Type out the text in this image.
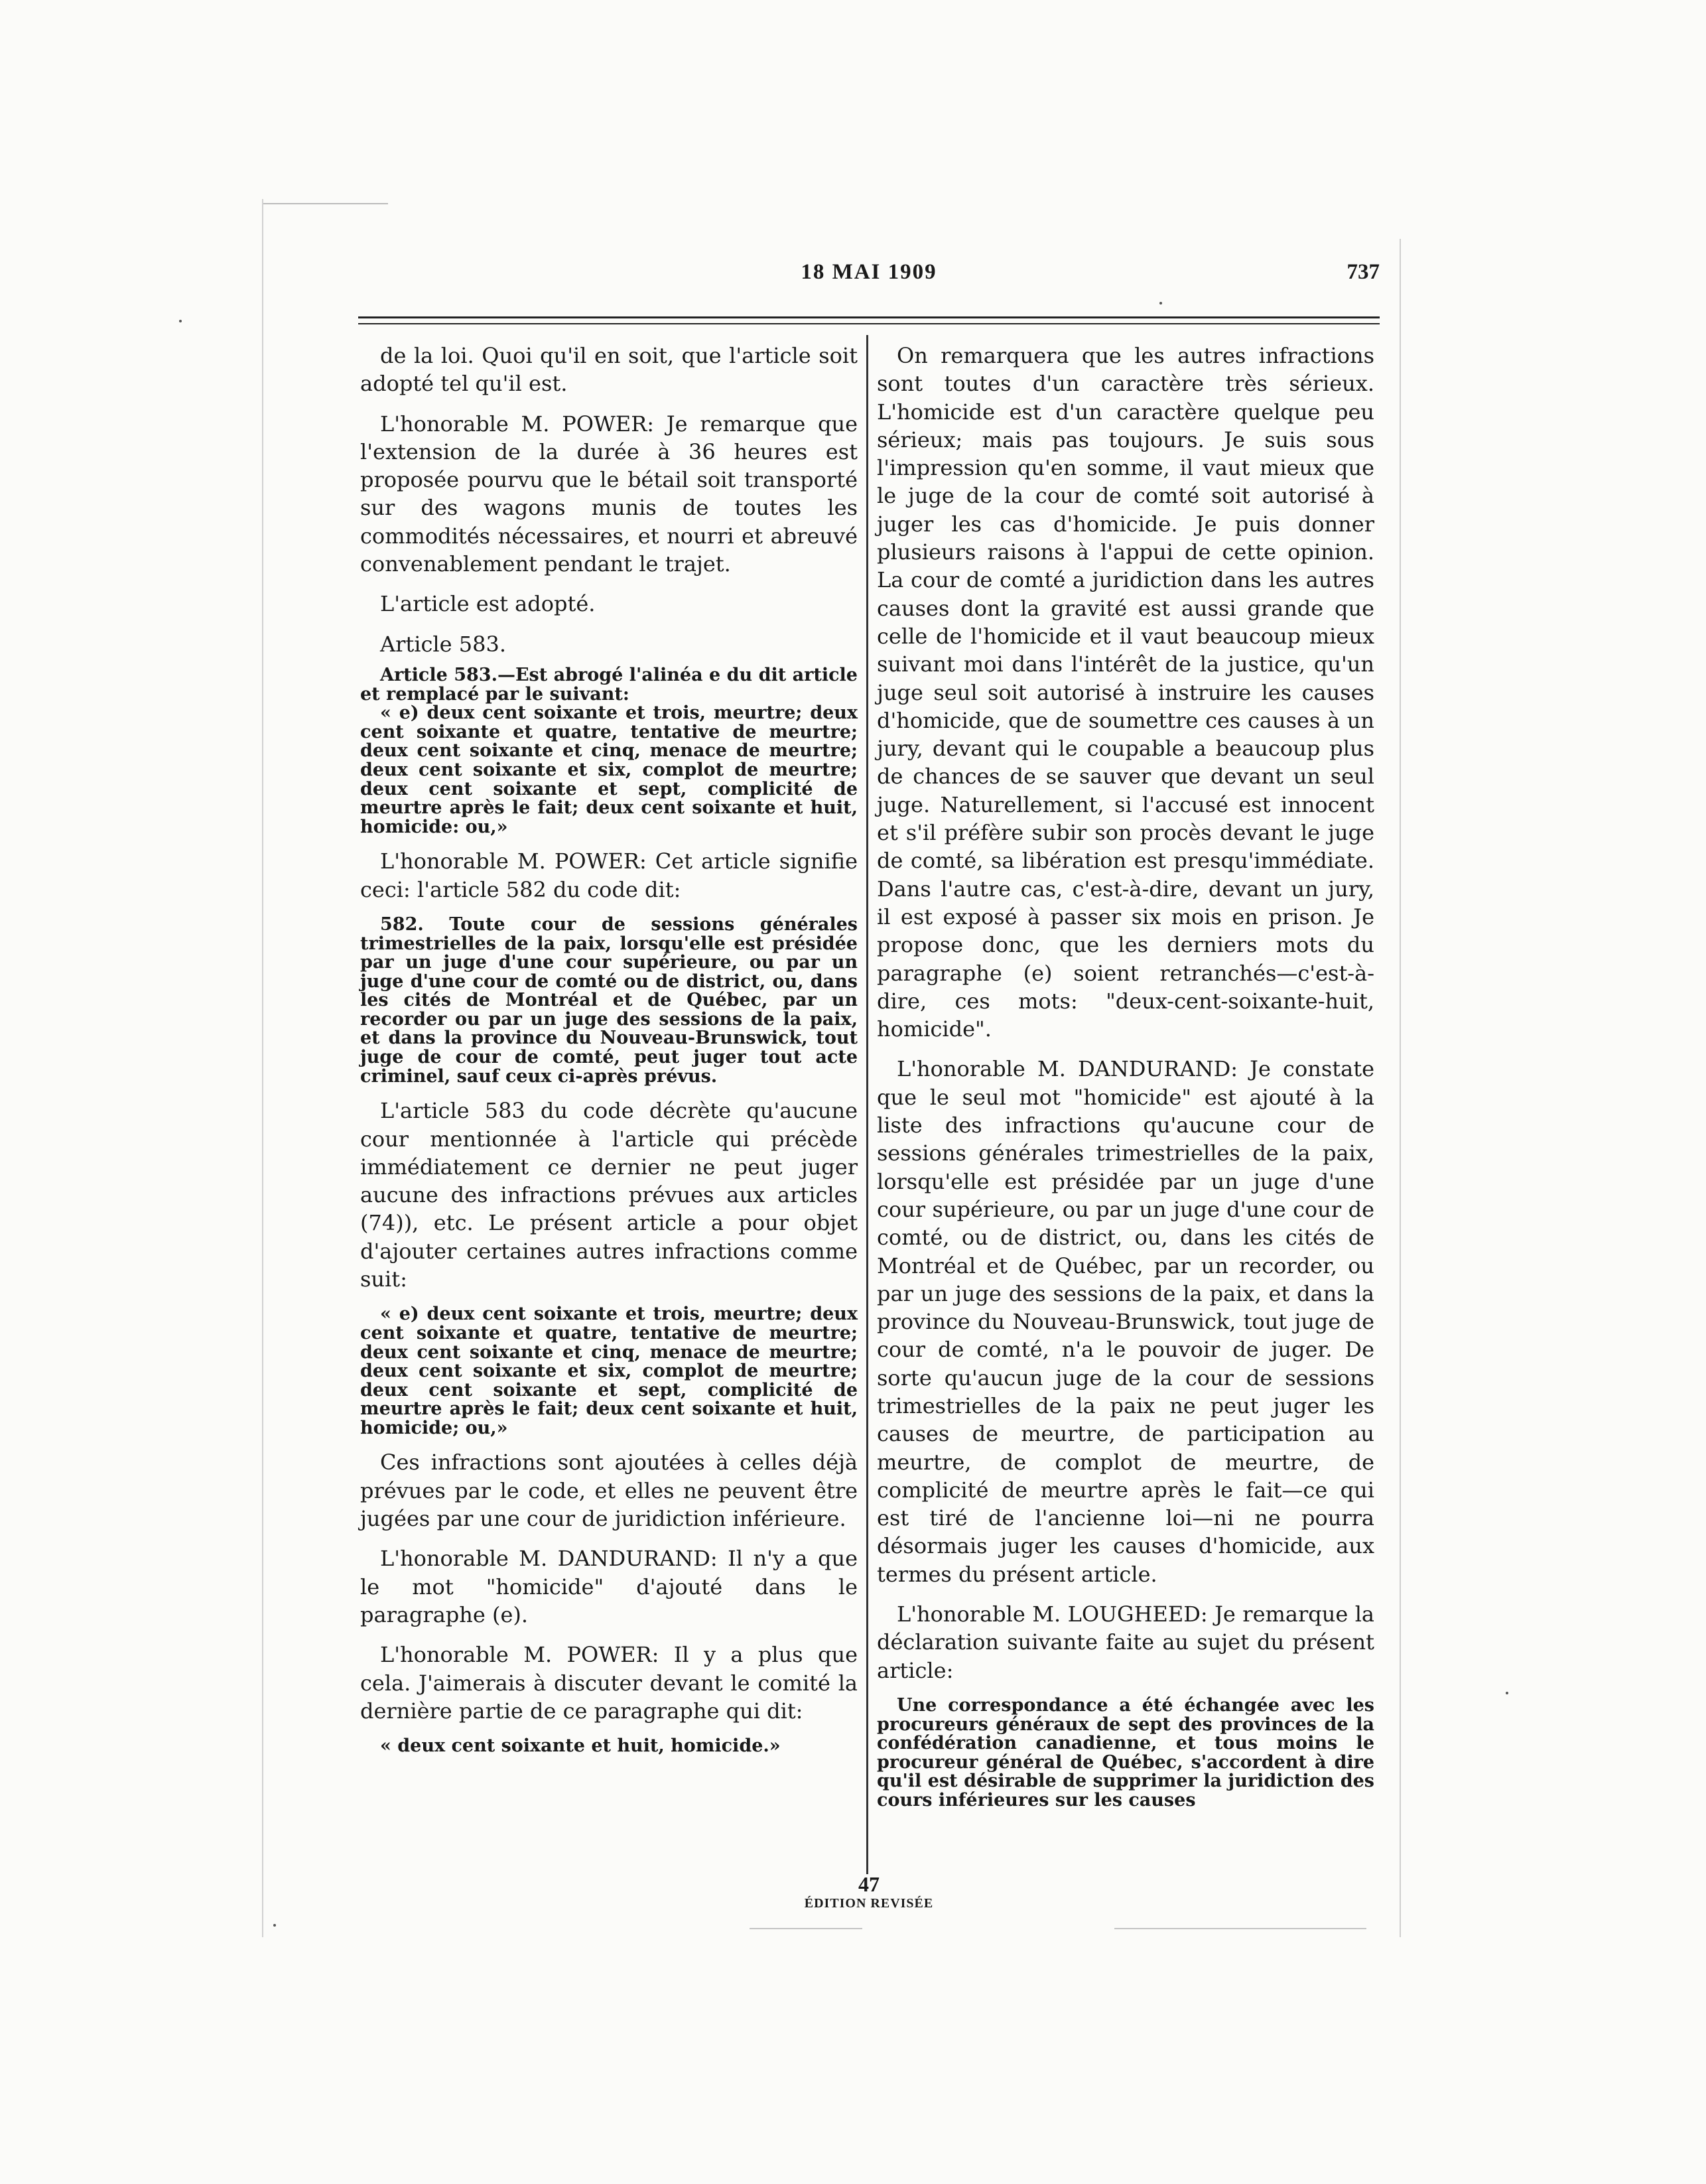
18 MAI 1909	737

de la loi. Quoi qu'il en soit, que l'article soit adopté tel qu'il est.

L'honorable M. POWER: Je remarque que l'extension de la durée à 36 heures est proposée pourvu que le bétail soit transporté sur des wagons munis de toutes les commodités nécessaires, et nourri et abreuvé convenablement pendant le trajet.

L'article est adopté.

Article 583.

Article 583.—Est abrogé l'alinéa e du dit article et remplacé par le suivant:

« e) deux cent soixante et trois, meurtre; deux cent soixante et quatre, tentative de meurtre; deux cent soixante et cinq, menace de meurtre; deux cent soixante et six, complot de meurtre; deux cent soixante et sept, complicité de meurtre après le fait; deux cent soixante et huit, homicide: ou,»

L'honorable M. POWER: Cet article signifie ceci: l'article 582 du code dit:

582. Toute cour de sessions générales trimestrielles de la paix, lorsqu'elle est présidée par un juge d'une cour supérieure, ou par un juge d'une cour de comté ou de district, ou, dans les cités de Montréal et de Québec, par un recorder ou par un juge des sessions de la paix, et dans la province du Nouveau-Brunswick, tout juge de cour de comté, peut juger tout acte criminel, sauf ceux ci-après prévus.

L'article 583 du code décrète qu'aucune cour mentionnée à l'article qui précède immédiatement ce dernier ne peut juger aucune des infractions prévues aux articles (74)), etc. Le présent article a pour objet d'ajouter certaines autres infractions comme suit:

« e) deux cent soixante et trois, meurtre; deux cent soixante et quatre, tentative de meurtre; deux cent soixante et cinq, menace de meurtre; deux cent soixante et six, complot de meurtre; deux cent soixante et sept, complicité de meurtre après le fait; deux cent soixante et huit, homicide; ou,»

Ces infractions sont ajoutées à celles déjà prévues par le code, et elles ne peuvent être jugées par une cour de juridiction inférieure.

L'honorable M. DANDURAND: Il n'y a que le mot "homicide" d'ajouté dans le paragraphe (e).

L'honorable M. POWER: Il y a plus que cela. J'aimerais à discuter devant le comité la dernière partie de ce paragraphe qui dit:

« deux cent soixante et huit, homicide.»

On remarquera que les autres infractions sont toutes d'un caractère très sérieux. L'homicide est d'un caractère quelque peu sérieux; mais pas toujours. Je suis sous l'impression qu'en somme, il vaut mieux que le juge de la cour de comté soit autorisé à juger les cas d'homicide. Je puis donner plusieurs raisons à l'appui de cette opinion. La cour de comté a juridiction dans les autres causes dont la gravité est aussi grande que celle de l'homicide et il vaut beaucoup mieux suivant moi dans l'intérêt de la justice, qu'un juge seul soit autorisé à instruire les causes d'homicide, que de soumettre ces causes à un jury, devant qui le coupable a beaucoup plus de chances de se sauver que devant un seul juge. Naturellement, si l'accusé est innocent et s'il préfère subir son procès devant le juge de comté, sa libération est presqu'immédiate. Dans l'autre cas, c'est-à-dire, devant un jury, il est exposé à passer six mois en prison. Je propose donc, que les derniers mots du paragraphe (e) soient retranchés—c'est-à-dire, ces mots: "deux-cent-soixante-huit, homicide".

L'honorable M. DANDURAND: Je constate que le seul mot "homicide" est ajouté à la liste des infractions qu'aucune cour de sessions générales trimestrielles de la paix, lorsqu'elle est présidée par un juge d'une cour supérieure, ou par un juge d'une cour de comté, ou de district, ou, dans les cités de Montréal et de Québec, par un recorder, ou par un juge des sessions de la paix, et dans la province du Nouveau-Brunswick, tout juge de cour de comté, n'a le pouvoir de juger. De sorte qu'aucun juge de la cour de sessions trimestrielles de la paix ne peut juger les causes de meurtre, de participation au meurtre, de complot de meurtre, de complicité de meurtre après le fait—ce qui est tiré de l'ancienne loi—ni ne pourra désormais juger les causes d'homicide, aux termes du présent article.

L'honorable M. LOUGHEED: Je remarque la déclaration suivante faite au sujet du présent article:

Une correspondance a été échangée avec les procureurs généraux de sept des provinces de la confédération canadienne, et tous moins le procureur général de Québec, s'accordent à dire qu'il est désirable de supprimer la juridiction des cours inférieures sur les causes

47
ÉDITION REVISÉE
